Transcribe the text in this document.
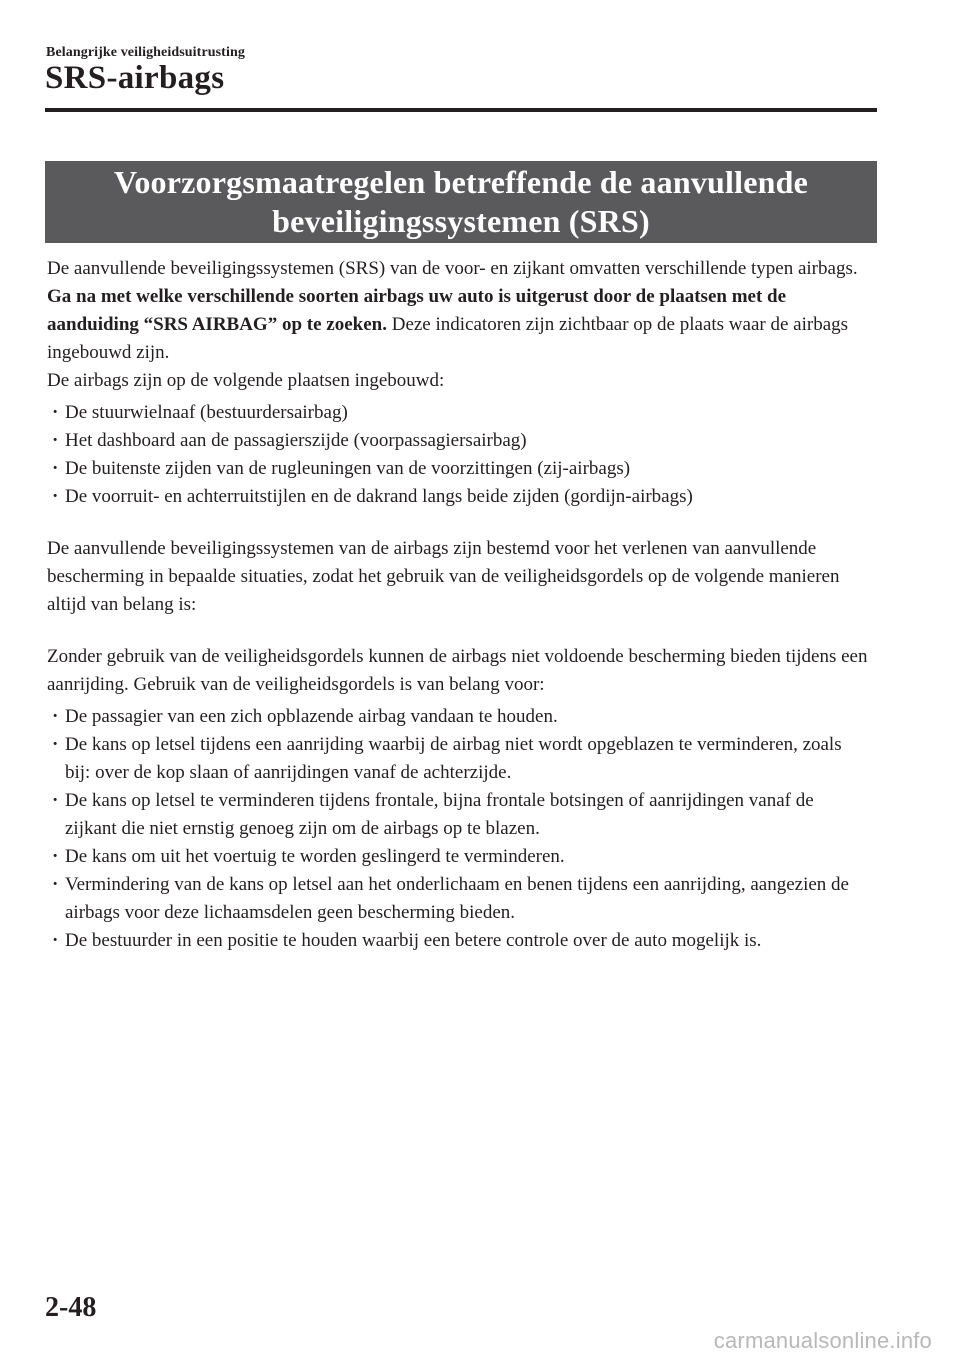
Belangrijke veiligheidsuitrusting
SRS-airbags
Voorzorgsmaatregelen betreffende de aanvullende
beveiligingssystemen (SRS)

De aanvullende beveiligingssystemen (SRS) van de voor- en zijkant omvatten verschillende typen airbags. Ga na met welke verschillende soorten airbags uw auto is uitgerust door de plaatsen met de aanduiding “SRS AIRBAG” op te zoeken. Deze indicatoren zijn zichtbaar op de plaats waar de airbags ingebouwd zijn.

De airbags zijn op de volgende plaatsen ingebouwd:

· De stuurwielnaaf (bestuurdersairbag)
· Het dashboard aan de passagierszijde (voorpassagiersairbag)
· De buitenste zijden van de rugleuningen van de voorzittingen (zij-airbags)
· De voorruit- en achterruitstijlen en de dakrand langs beide zijden (gordijn-airbags)

De aanvullende beveiligingssystemen van de airbags zijn bestemd voor het verlenen van aanvullende bescherming in bepaalde situaties, zodat het gebruik van de veiligheidsgordels op de volgende manieren altijd van belang is:

Zonder gebruik van de veiligheidsgordels kunnen de airbags niet voldoende bescherming bieden tijdens een aanrijding. Gebruik van de veiligheidsgordels is van belang voor:

· De passagier van een zich opblazende airbag vandaan te houden.
· De kans op letsel tijdens een aanrijding waarbij de airbag niet wordt opgeblazen te verminderen, zoals bij: over de kop slaan of aanrijdingen vanaf de achterzijde.
· De kans op letsel te verminderen tijdens frontale, bijna frontale botsingen of aanrijdingen vanaf de zijkant die niet ernstig genoeg zijn om de airbags op te blazen.
· De kans om uit het voertuig te worden geslingerd te verminderen.
· Vermindering van de kans op letsel aan het onderlichaam en benen tijdens een aanrijding, aangezien de airbags voor deze lichaamsdelen geen bescherming bieden.
· De bestuurder in een positie te houden waarbij een betere controle over de auto mogelijk is.
2-48
carmanualsonline.info
